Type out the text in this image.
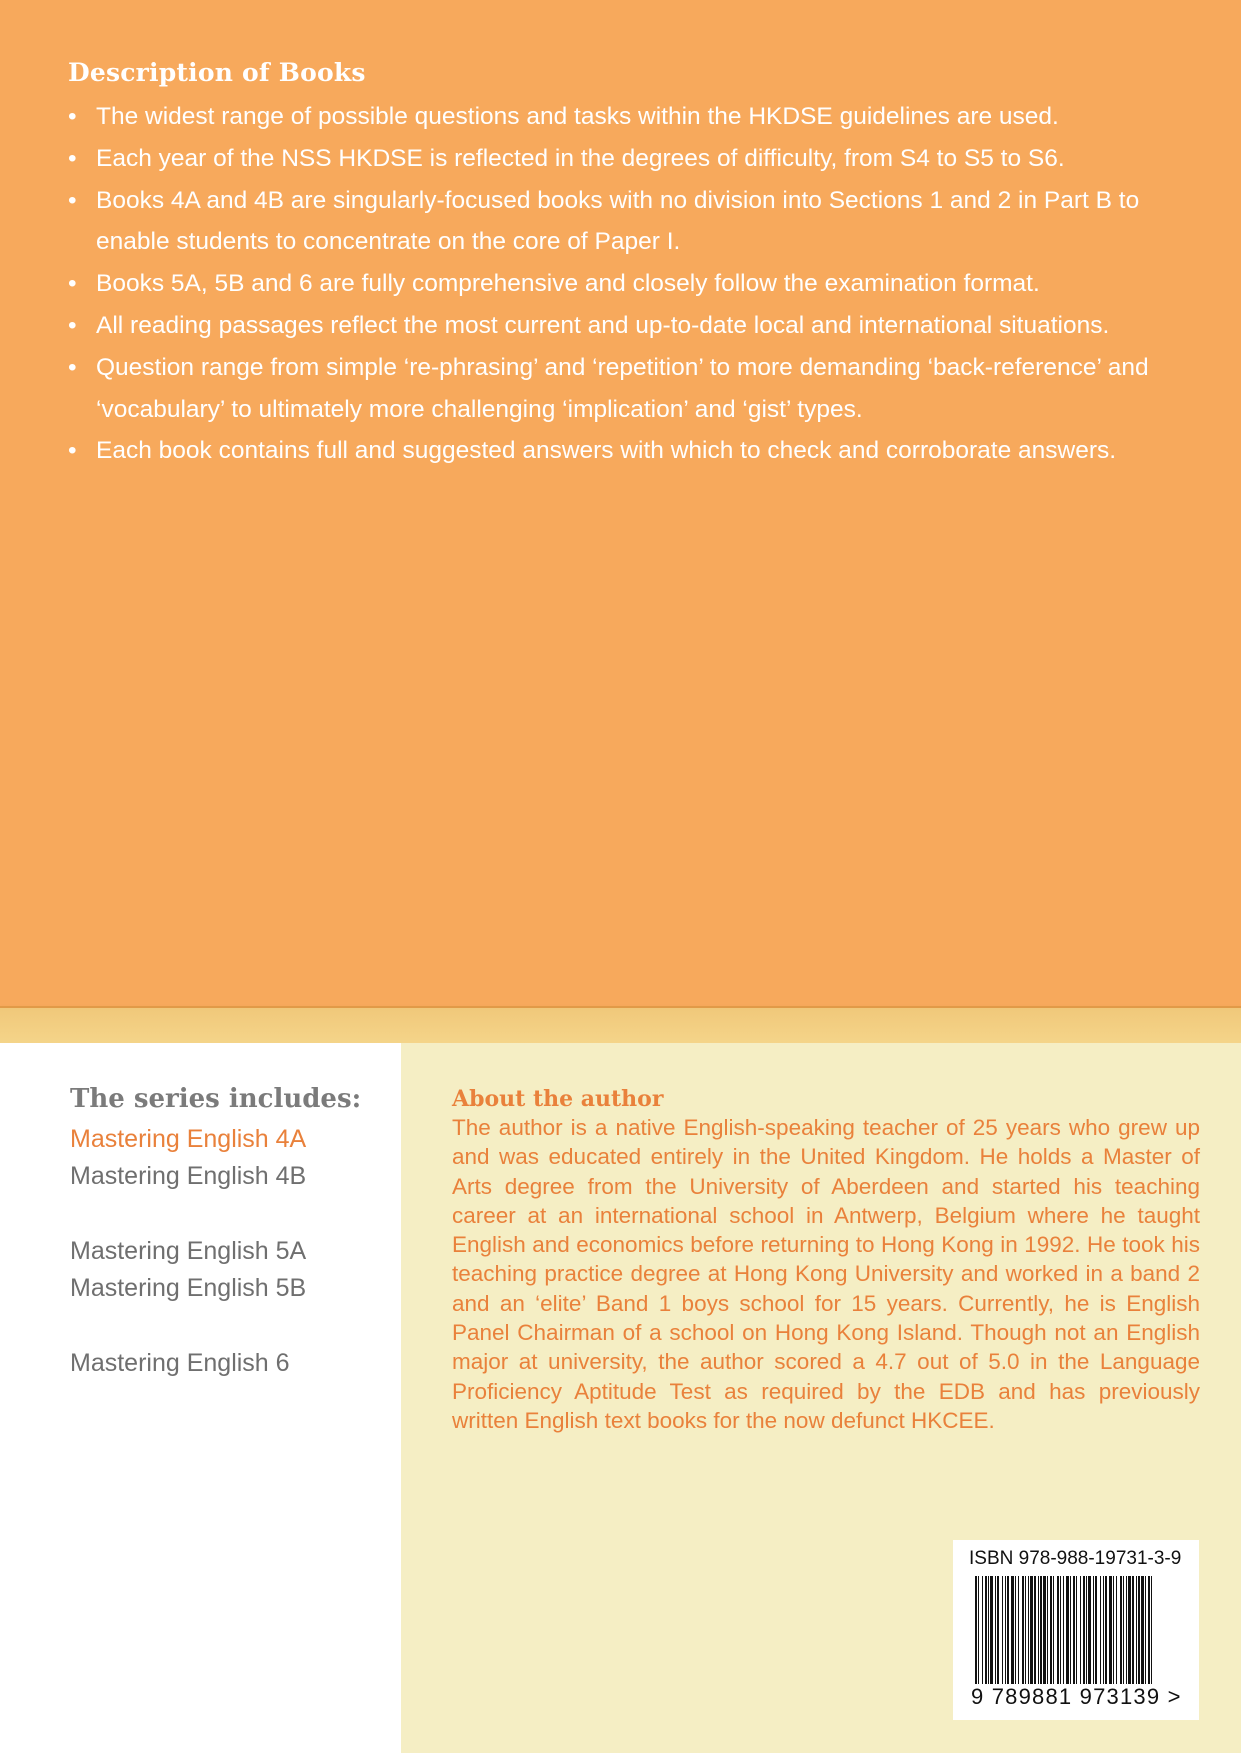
Description of Books
• The widest range of possible questions and tasks within the HKDSE guidelines are used.
• Each year of the NSS HKDSE is reflected in the degrees of difficulty, from S4 to S5 to S6.
• Books 4A and 4B are singularly-focused books with no division into Sections 1 and 2 in Part B to enable students to concentrate on the core of Paper I.
• Books 5A, 5B and 6 are fully comprehensive and closely follow the examination format.
• All reading passages reflect the most current and up-to-date local and international situations.
• Question range from simple ‘re-phrasing’ and ‘repetition’ to more demanding ‘back-reference’ and ‘vocabulary’ to ultimately more challenging ‘implication’ and ‘gist’ types.
• Each book contains full and suggested answers with which to check and corroborate answers.
The series includes:
Mastering English 4A
Mastering English 4B
Mastering English 5A
Mastering English 5B
Mastering English 6
About the author

The author is a native English-speaking teacher of 25 years who grew up and was educated entirely in the United Kingdom. He holds a Master of Arts degree from the University of Aberdeen and started his teaching career at an international school in Antwerp, Belgium where he taught English and economics before returning to Hong Kong in 1992. He took his teaching practice degree at Hong Kong University and worked in a band 2 and an ‘elite’ Band 1 boys school for 15 years. Currently, he is English Panel Chairman of a school on Hong Kong Island. Though not an English major at university, the author scored a 4.7 out of 5.0 in the Language Proficiency Aptitude Test as required by the EDB and has previously written English text books for the now defunct HKCEE.

ISBN 978-988-19731-3-9
9 789881 973139 >
